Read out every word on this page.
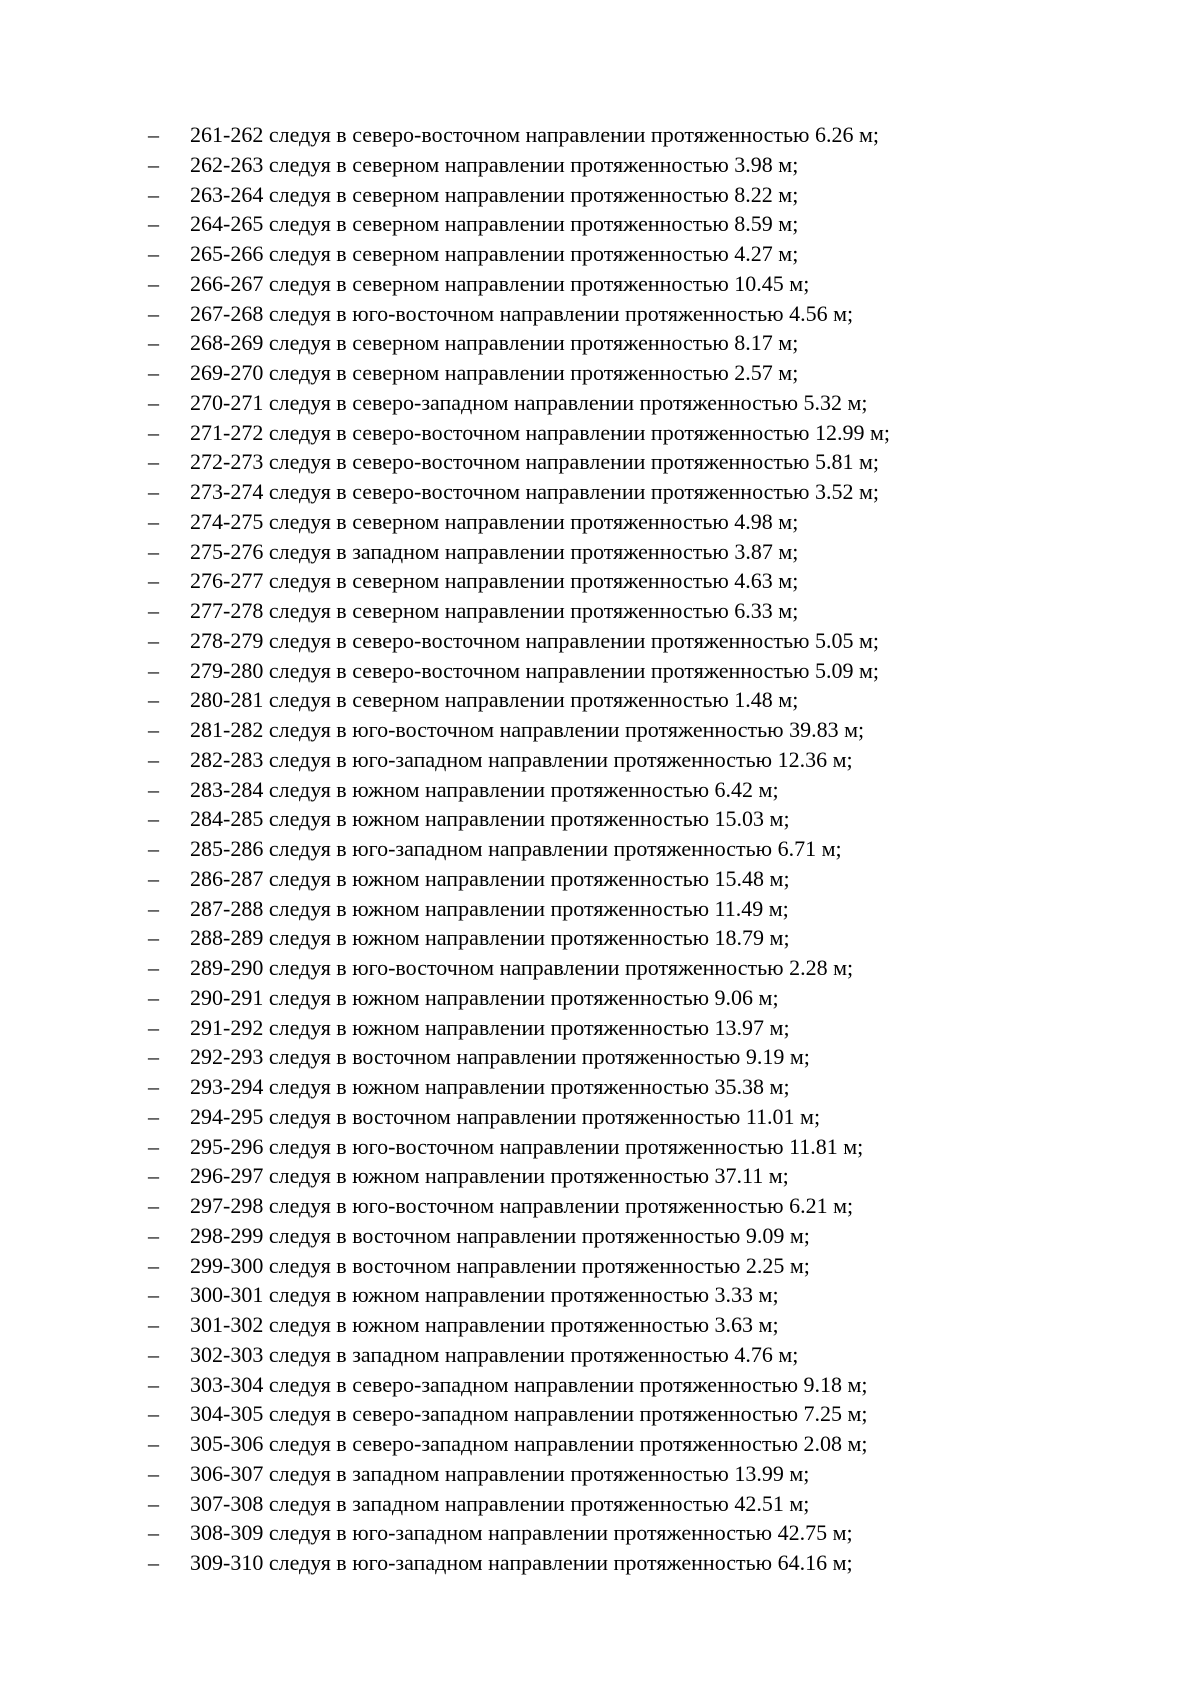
– 261-262 следуя в северо-восточном направлении протяженностью 6.26 м;
– 262-263 следуя в северном направлении протяженностью 3.98 м;
– 263-264 следуя в северном направлении протяженностью 8.22 м;
– 264-265 следуя в северном направлении протяженностью 8.59 м;
– 265-266 следуя в северном направлении протяженностью 4.27 м;
– 266-267 следуя в северном направлении протяженностью 10.45 м;
– 267-268 следуя в юго-восточном направлении протяженностью 4.56 м;
– 268-269 следуя в северном направлении протяженностью 8.17 м;
– 269-270 следуя в северном направлении протяженностью 2.57 м;
– 270-271 следуя в северо-западном направлении протяженностью 5.32 м;
– 271-272 следуя в северо-восточном направлении протяженностью 12.99 м;
– 272-273 следуя в северо-восточном направлении протяженностью 5.81 м;
– 273-274 следуя в северо-восточном направлении протяженностью 3.52 м;
– 274-275 следуя в северном направлении протяженностью 4.98 м;
– 275-276 следуя в западном направлении протяженностью 3.87 м;
– 276-277 следуя в северном направлении протяженностью 4.63 м;
– 277-278 следуя в северном направлении протяженностью 6.33 м;
– 278-279 следуя в северо-восточном направлении протяженностью 5.05 м;
– 279-280 следуя в северо-восточном направлении протяженностью 5.09 м;
– 280-281 следуя в северном направлении протяженностью 1.48 м;
– 281-282 следуя в юго-восточном направлении протяженностью 39.83 м;
– 282-283 следуя в юго-западном направлении протяженностью 12.36 м;
– 283-284 следуя в южном направлении протяженностью 6.42 м;
– 284-285 следуя в южном направлении протяженностью 15.03 м;
– 285-286 следуя в юго-западном направлении протяженностью 6.71 м;
– 286-287 следуя в южном направлении протяженностью 15.48 м;
– 287-288 следуя в южном направлении протяженностью 11.49 м;
– 288-289 следуя в южном направлении протяженностью 18.79 м;
– 289-290 следуя в юго-восточном направлении протяженностью 2.28 м;
– 290-291 следуя в южном направлении протяженностью 9.06 м;
– 291-292 следуя в южном направлении протяженностью 13.97 м;
– 292-293 следуя в восточном направлении протяженностью 9.19 м;
– 293-294 следуя в южном направлении протяженностью 35.38 м;
– 294-295 следуя в восточном направлении протяженностью 11.01 м;
– 295-296 следуя в юго-восточном направлении протяженностью 11.81 м;
– 296-297 следуя в южном направлении протяженностью 37.11 м;
– 297-298 следуя в юго-восточном направлении протяженностью 6.21 м;
– 298-299 следуя в восточном направлении протяженностью 9.09 м;
– 299-300 следуя в восточном направлении протяженностью 2.25 м;
– 300-301 следуя в южном направлении протяженностью 3.33 м;
– 301-302 следуя в южном направлении протяженностью 3.63 м;
– 302-303 следуя в западном направлении протяженностью 4.76 м;
– 303-304 следуя в северо-западном направлении протяженностью 9.18 м;
– 304-305 следуя в северо-западном направлении протяженностью 7.25 м;
– 305-306 следуя в северо-западном направлении протяженностью 2.08 м;
– 306-307 следуя в западном направлении протяженностью 13.99 м;
– 307-308 следуя в западном направлении протяженностью 42.51 м;
– 308-309 следуя в юго-западном направлении протяженностью 42.75 м;
– 309-310 следуя в юго-западном направлении протяженностью 64.16 м;
